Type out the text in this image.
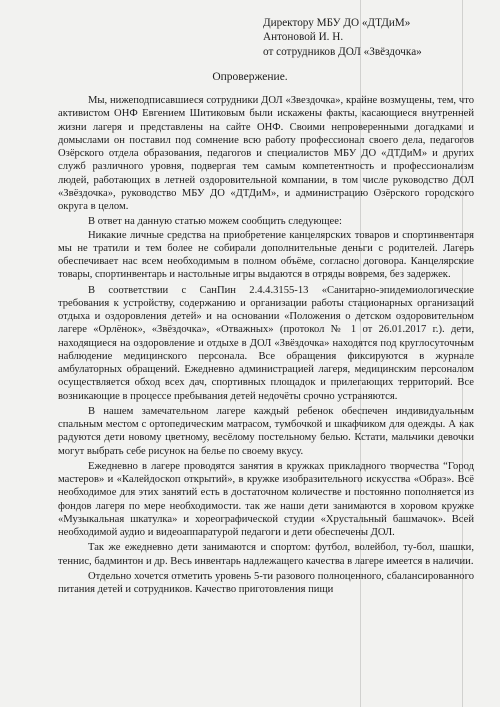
Директору МБУ ДО «ДТДиМ»
Антоновой И. Н.
от сотрудников ДОЛ «Звёздочка»
Опровержение.

Мы, нижеподписавшиеся сотрудники ДОЛ «Звездочка», крайне возмущены, тем, что активистом ОНФ Евгением Шитиковым были искажены факты, касающиеся внутренней жизни лагеря и представлены на сайте ОНФ. Своими непроверенными догадками и домыслами он поставил под сомнение всю работу профессионал своего дела, педагогов Озёрского отдела образования, педагогов и специалистов МБУ ДО «ДТДиМ» и других служб различного уровня, подвергая тем самым компетентность и профессионализм людей, работающих в летней оздоровительной компании, в том числе руководство ДОЛ «Звёздочка», руководство МБУ ДО «ДТДиМ», и администрацию Озёрского городского округа в целом.

В ответ на данную статью можем сообщить следующее:

Никакие личные средства на приобретение канцелярских товаров и спортинвентаря мы не тратили и тем более не собирали дополнительные деньги с родителей. Лагерь обеспечивает нас всем необходимым в полном объёме, согласно договора. Канцелярские товары, спортинвентарь и настольные игры выдаются в отряды вовремя, без задержек.

В соответствии с СанПин 2.4.4.3155-13 «Санитарно-эпидемиологические требования к устройству, содержанию и организации работы стационарных организаций отдыха и оздоровления детей» и на основании «Положения о детском оздоровительном лагере «Орлёнок», «Звёздочка», «Отважных» (протокол № 1 от 26.01.2017 г.). дети, находящиеся на оздоровление и отдыхе в ДОЛ «Звёздочка» находятся под круглосуточным наблюдение медицинского персонала. Все обращения фиксируются в журнале амбулаторных обращений. Ежедневно администрацией лагеря, медицинским персоналом осуществляется обход всех дач, спортивных площадок и прилегающих территорий. Все возникающие в процессе пребывания детей недочёты срочно устраняются.

В нашем замечательном лагере каждый ребенок обеспечен индивидуальным спальным местом с ортопедическим матрасом, тумбочкой и шкафчиком для одежды. А как радуются дети новому цветному, весёлому постельному белью. Кстати, мальчики девочки могут выбрать себе рисунок на белье по своему вкусу.

Ежедневно в лагере проводятся занятия в кружках прикладного творчества “Город мастеров» и «Калейдоскоп открытий», в кружке изобразительного искусства «Образ». Всё необходимое для этих занятий есть в достаточном количестве и постоянно пополняется из фондов лагеря по мере необходимости. так же наши дети занимаются в хоровом кружке «Музыкальная шкатулка» и хореографической студии «Хрустальный башмачок». Всей необходимой аудио и видеоаппаратурой педагоги и дети обеспечены ДОЛ.

Так же ежедневно дети занимаются и спортом: футбол, волейбол, ту-бол, шашки, теннис, бадминтон и др. Весь инвентарь надлежащего качества в лагере имеется в наличии.

Отдельно хочется отметить уровень 5-ти разового полноценного, сбалансированного питания детей и сотрудников. Качество приготовления пищи
